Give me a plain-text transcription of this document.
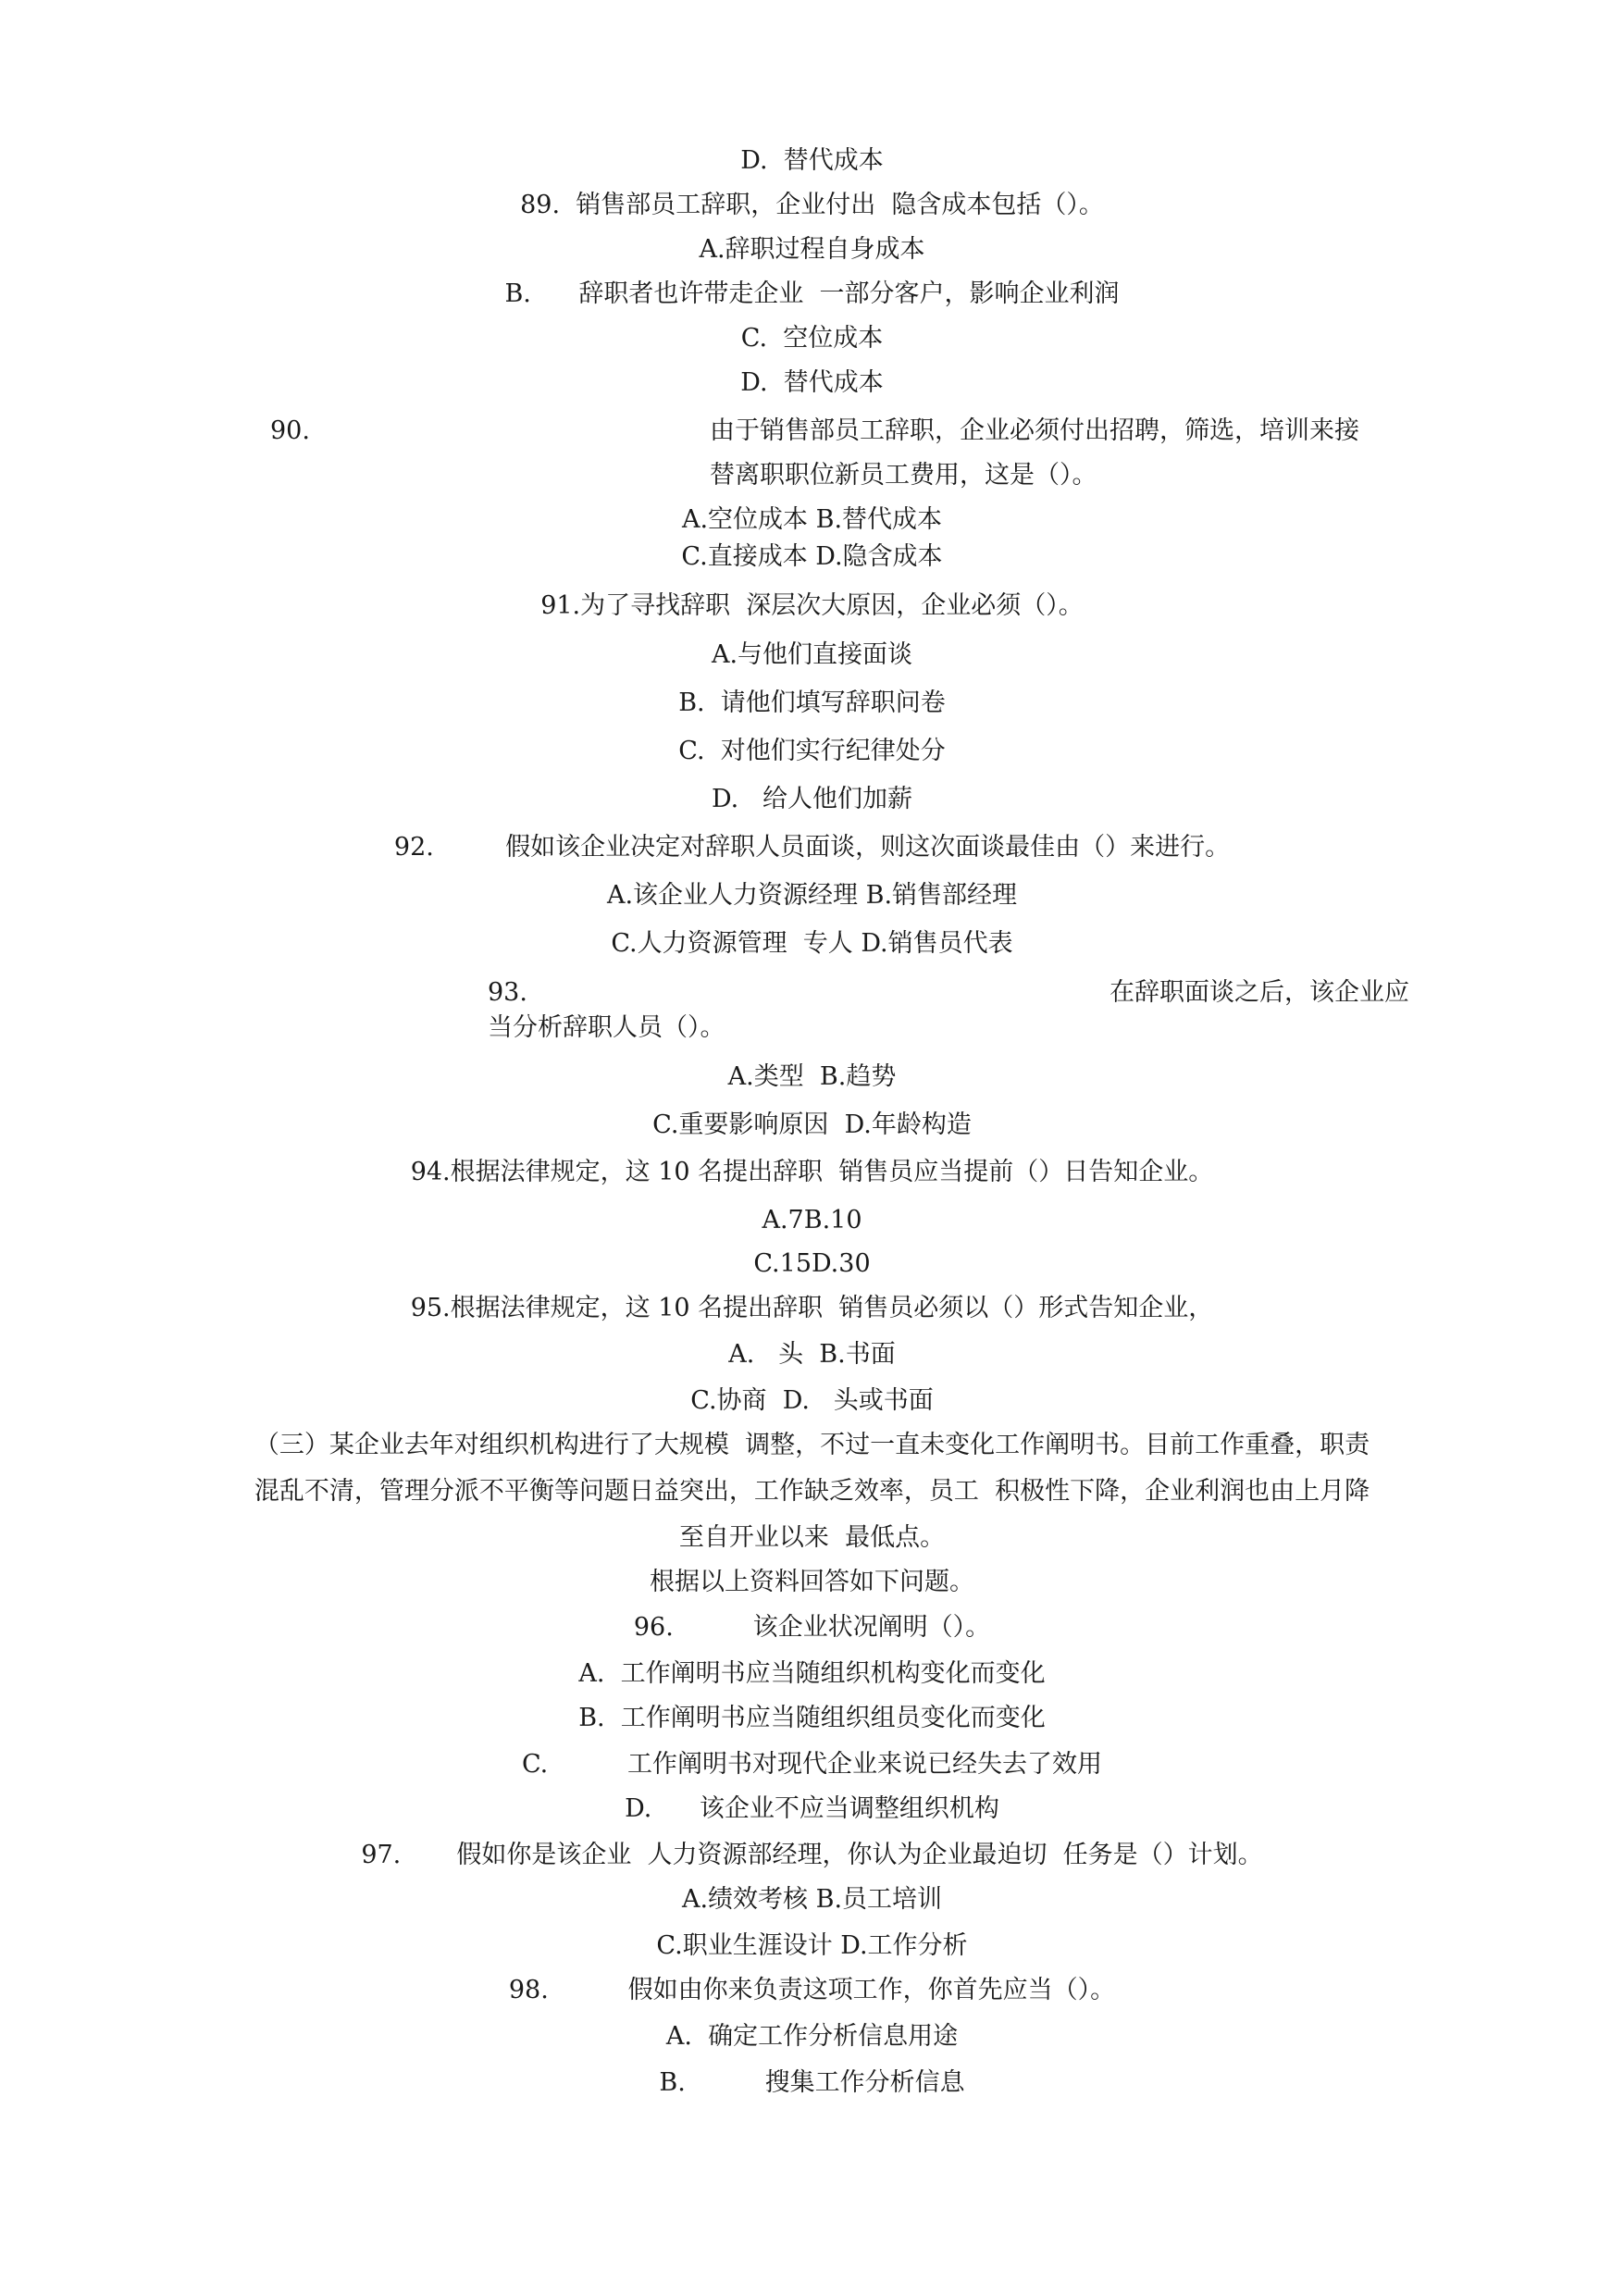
D.  替代成本

89.  销售部员工辞职，企业付出  隐含成本包括（）。

A.辞职过程自身成本

B.      辞职者也许带走企业  一部分客户，影响企业利润

C.  空位成本

D.  替代成本

90.	由于销售部员工辞职，企业必须付出招聘，筛选，培训来接

替离职职位新员工费用，这是（）。

A.空位成本 B.替代成本

C.直接成本 D.隐含成本

91.为了寻找辞职  深层次大原因，企业必须（）。

A.与他们直接面谈

B.  请他们填写辞职问卷

C.  对他们实行纪律处分

D.   给人他们加薪

92.         假如该企业决定对辞职人员面谈，则这次面谈最佳由（）来进行。

A.该企业人力资源经理 B.销售部经理

C.人力资源管理  专人 D.销售员代表

93.	在辞职面谈之后，该企业应

当分析辞职人员（）。

A.类型  B.趋势

C.重要影响原因  D.年龄构造

94.根据法律规定，这 10 名提出辞职  销售员应当提前（）日告知企业。

A.7B.10

C.15D.30

95.根据法律规定，这 10 名提出辞职  销售员必须以（）形式告知企业，

A.   头  B.书面

C.协商  D.   头或书面

（三）某企业去年对组织机构进行了大规模  调整，不过一直未变化工作阐明书。目前工作重叠，职责

混乱不清，管理分派不平衡等问题日益突出，工作缺乏效率，员工  积极性下降，企业利润也由上月降

至自开业以来  最低点。

根据以上资料回答如下问题。

96.          该企业状况阐明（）。

A.  工作阐明书应当随组织机构变化而变化

B.  工作阐明书应当随组织组员变化而变化

C.          工作阐明书对现代企业来说已经失去了效用

D.      该企业不应当调整组织机构

97.       假如你是该企业  人力资源部经理，你认为企业最迫切  任务是（）计划。

A.绩效考核 B.员工培训

C.职业生涯设计 D.工作分析

98.          假如由你来负责这项工作，你首先应当（）。

A.  确定工作分析信息用途

B.          搜集工作分析信息
